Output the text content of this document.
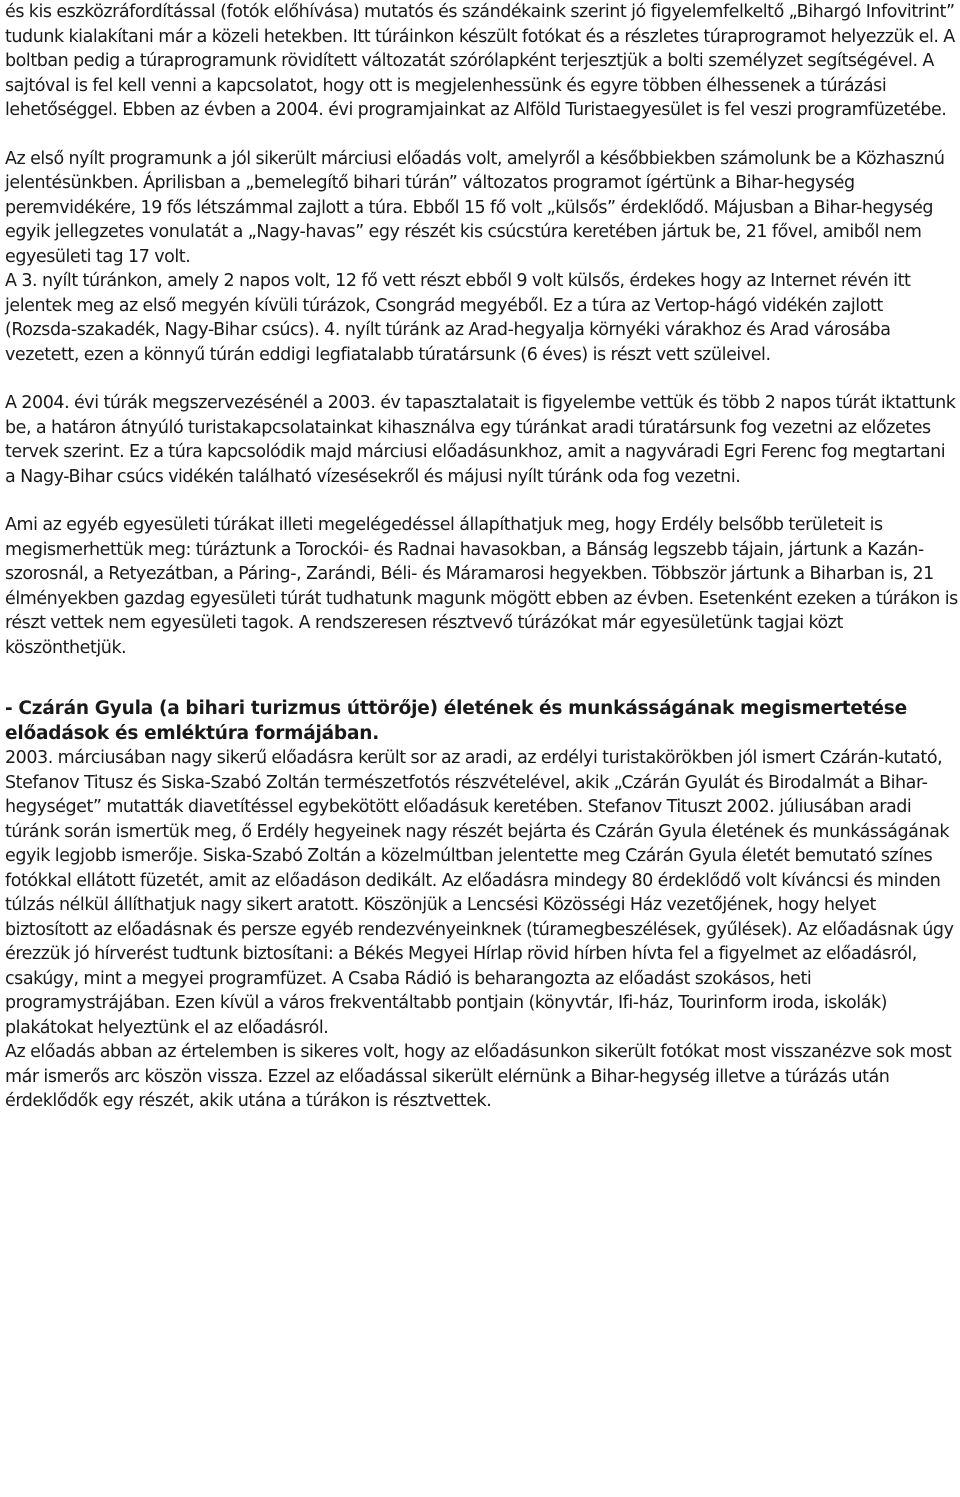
és kis eszközráfordítással (fotók előhívása) mutatós és szándékaink szerint jó figyelemfelkeltő „Bihargó Infovitrint” tudunk kialakítani már a közeli hetekben. Itt túráinkon készült fotókat és a részletes túraprogramot helyezzük el. A boltban pedig a túraprogramunk rövidített változatát szórólapként terjesztjük a bolti személyzet segítségével. A sajtóval is fel kell venni a kapcsolatot, hogy ott is megjelenhessünk és egyre többen élhessenek a túrázási lehetőséggel. Ebben az évben a 2004. évi programjainkat az Alföld Turistaegyesület is fel veszi programfüzetébe.

Az első nyílt programunk a jól sikerült márciusi előadás volt, amelyről a későbbiekben számolunk be a Közhasznú jelentésünkben. Áprilisban a „bemelegítő bihari túrán” változatos programot ígértünk a Bihar-hegység peremvidékére, 19 fős létszámmal zajlott a túra. Ebből 15 fő volt „külsős” érdeklődő. Májusban a Bihar-hegység egyik jellegzetes vonulatát a „Nagy-havas” egy részét kis csúcstúra keretében jártuk be, 21 fővel, amiből nem egyesületi tag 17 volt.

A 3. nyílt túránkon, amely 2 napos volt, 12 fő vett részt ebből 9 volt külsős, érdekes hogy az Internet révén itt jelentek meg az első megyén kívüli túrázok, Csongrád megyéből. Ez a túra az Vertop-hágó vidékén zajlott (Rozsda-szakadék, Nagy-Bihar csúcs). 4. nyílt túránk az Arad-hegyalja környéki várakhoz és Arad városába vezetett, ezen a könnyű túrán eddigi legfiatalabb túratársunk (6 éves) is részt vett szüleivel.

A 2004. évi túrák megszervezésénél a 2003. év tapasztalatait is figyelembe vettük és több 2 napos túrát iktattunk be, a határon átnyúló turistakapcsolatainkat kihasználva egy túránkat aradi túratársunk fog vezetni az előzetes tervek szerint. Ez a túra kapcsolódik majd márciusi előadásunkhoz, amit a nagyváradi Egri Ferenc fog megtartani a Nagy-Bihar csúcs vidékén található vízesésekről és májusi nyílt túránk oda fog vezetni.

Ami az egyéb egyesületi túrákat illeti megelégedéssel állapíthatjuk meg, hogy Erdély belsőbb területeit is megismerhettük meg: túráztunk a Torockói- és Radnai havasokban, a Bánság legszebb tájain, jártunk a Kazán-szorosnál, a Retyezátban, a Páring-, Zarándi, Béli- és Máramarosi hegyekben. Többször jártunk a Biharban is, 21 élményekben gazdag egyesületi túrát tudhatunk magunk mögött ebben az évben. Esetenként ezeken a túrákon is részt vettek nem egyesületi tagok. A rendszeresen résztvevő túrázókat már egyesületünk tagjai közt köszönthetjük.

- Czárán Gyula (a bihari turizmus úttörője) életének és munkásságának megismertetése előadások és emléktúra formájában.

2003. márciusában nagy sikerű előadásra került sor az aradi, az erdélyi turistakörökben jól ismert Czárán-kutató, Stefanov Titusz és Siska-Szabó Zoltán természetfotós részvételével, akik „Czárán Gyulát és Birodalmát a Bihar-hegységet” mutatták diavetítéssel egybekötött előadásuk keretében. Stefanov Tituszt 2002. júliusában aradi túránk során ismertük meg, ő Erdély hegyeinek nagy részét bejárta és Czárán Gyula életének és munkásságának egyik legjobb ismerője. Siska-Szabó Zoltán a közelmúltban jelentette meg Czárán Gyula életét bemutató színes fotókkal ellátott füzetét, amit az előadáson dedikált. Az előadásra mindegy 80 érdeklődő volt kíváncsi és minden túlzás nélkül állíthatjuk nagy sikert aratott. Köszönjük a Lencsési Közösségi Ház vezetőjének, hogy helyet biztosított az előadásnak és persze egyéb rendezvényeinknek (túramegbeszélések, gyűlések). Az előadásnak úgy érezzük jó hírverést tudtunk biztosítani: a Békés Megyei Hírlap rövid hírben hívta fel a figyelmet az előadásról, csakúgy, mint a megyei programfüzet. A Csaba Rádió is beharangozta az előadást szokásos, heti programystrájában. Ezen kívül a város frekventáltabb pontjain (könyvtár, Ifi-ház, Tourinform iroda, iskolák) plakátokat helyeztünk el az előadásról.

Az előadás abban az értelemben is sikeres volt, hogy az előadásunkon sikerült fotókat most visszanézve sok most már ismerős arc köszön vissza. Ezzel az előadással sikerült elérnünk a Bihar-hegység illetve a túrázás után érdeklődők egy részét, akik utána a túrákon is résztvettek.
